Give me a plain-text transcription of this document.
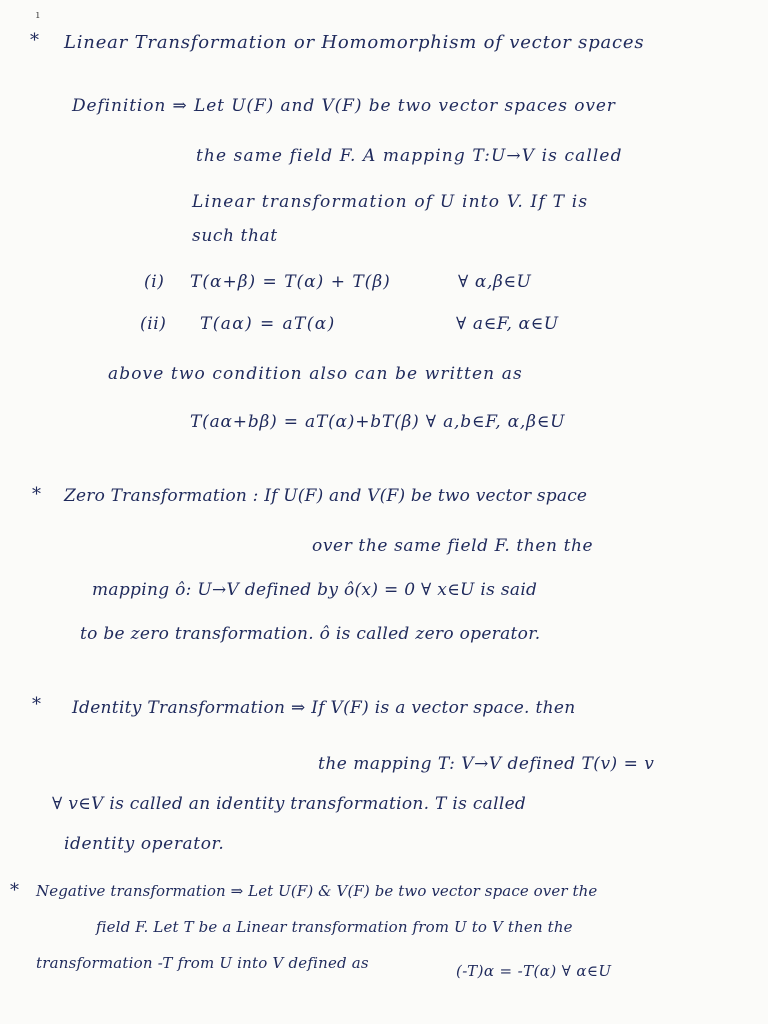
ı
* Linear Transformation or Homomorphism of vector spaces
Definition ⇒ Let U(F) and V(F) be two vector spaces over
the same field F. A mapping T:U→V is called
Linear transformation of U into V. If T is
such that
(i) T(α+β) = T(α) + T(β)	∀ α,β∈U
(ii) T(aα) = aT(α)	∀ a∈F, α∈U
above two condition also can be written as
T(aα+bβ) = aT(α)+bT(β) ∀ a,b∈F, α,β∈U
* Zero Transformation : If U(F) and V(F) be two vector space
over the same field F. then the
mapping ô: U→V defined by ô(x) = 0 ∀ x∈U is said
to be zero transformation. ô is called zero operator.
* Identity Transformation ⇒ If V(F) is a vector space. then
the mapping T: V→V defined T(v) = v
∀ v∈V is called an identity transformation. T is called
identity operator.
* Negative transformation ⇒ Let U(F) & V(F) be two vector space over the
field F. Let T be a Linear transformation from U to V then the
transformation -T from U into V defined as	(-T)α = -T(α) ∀ α∈U
